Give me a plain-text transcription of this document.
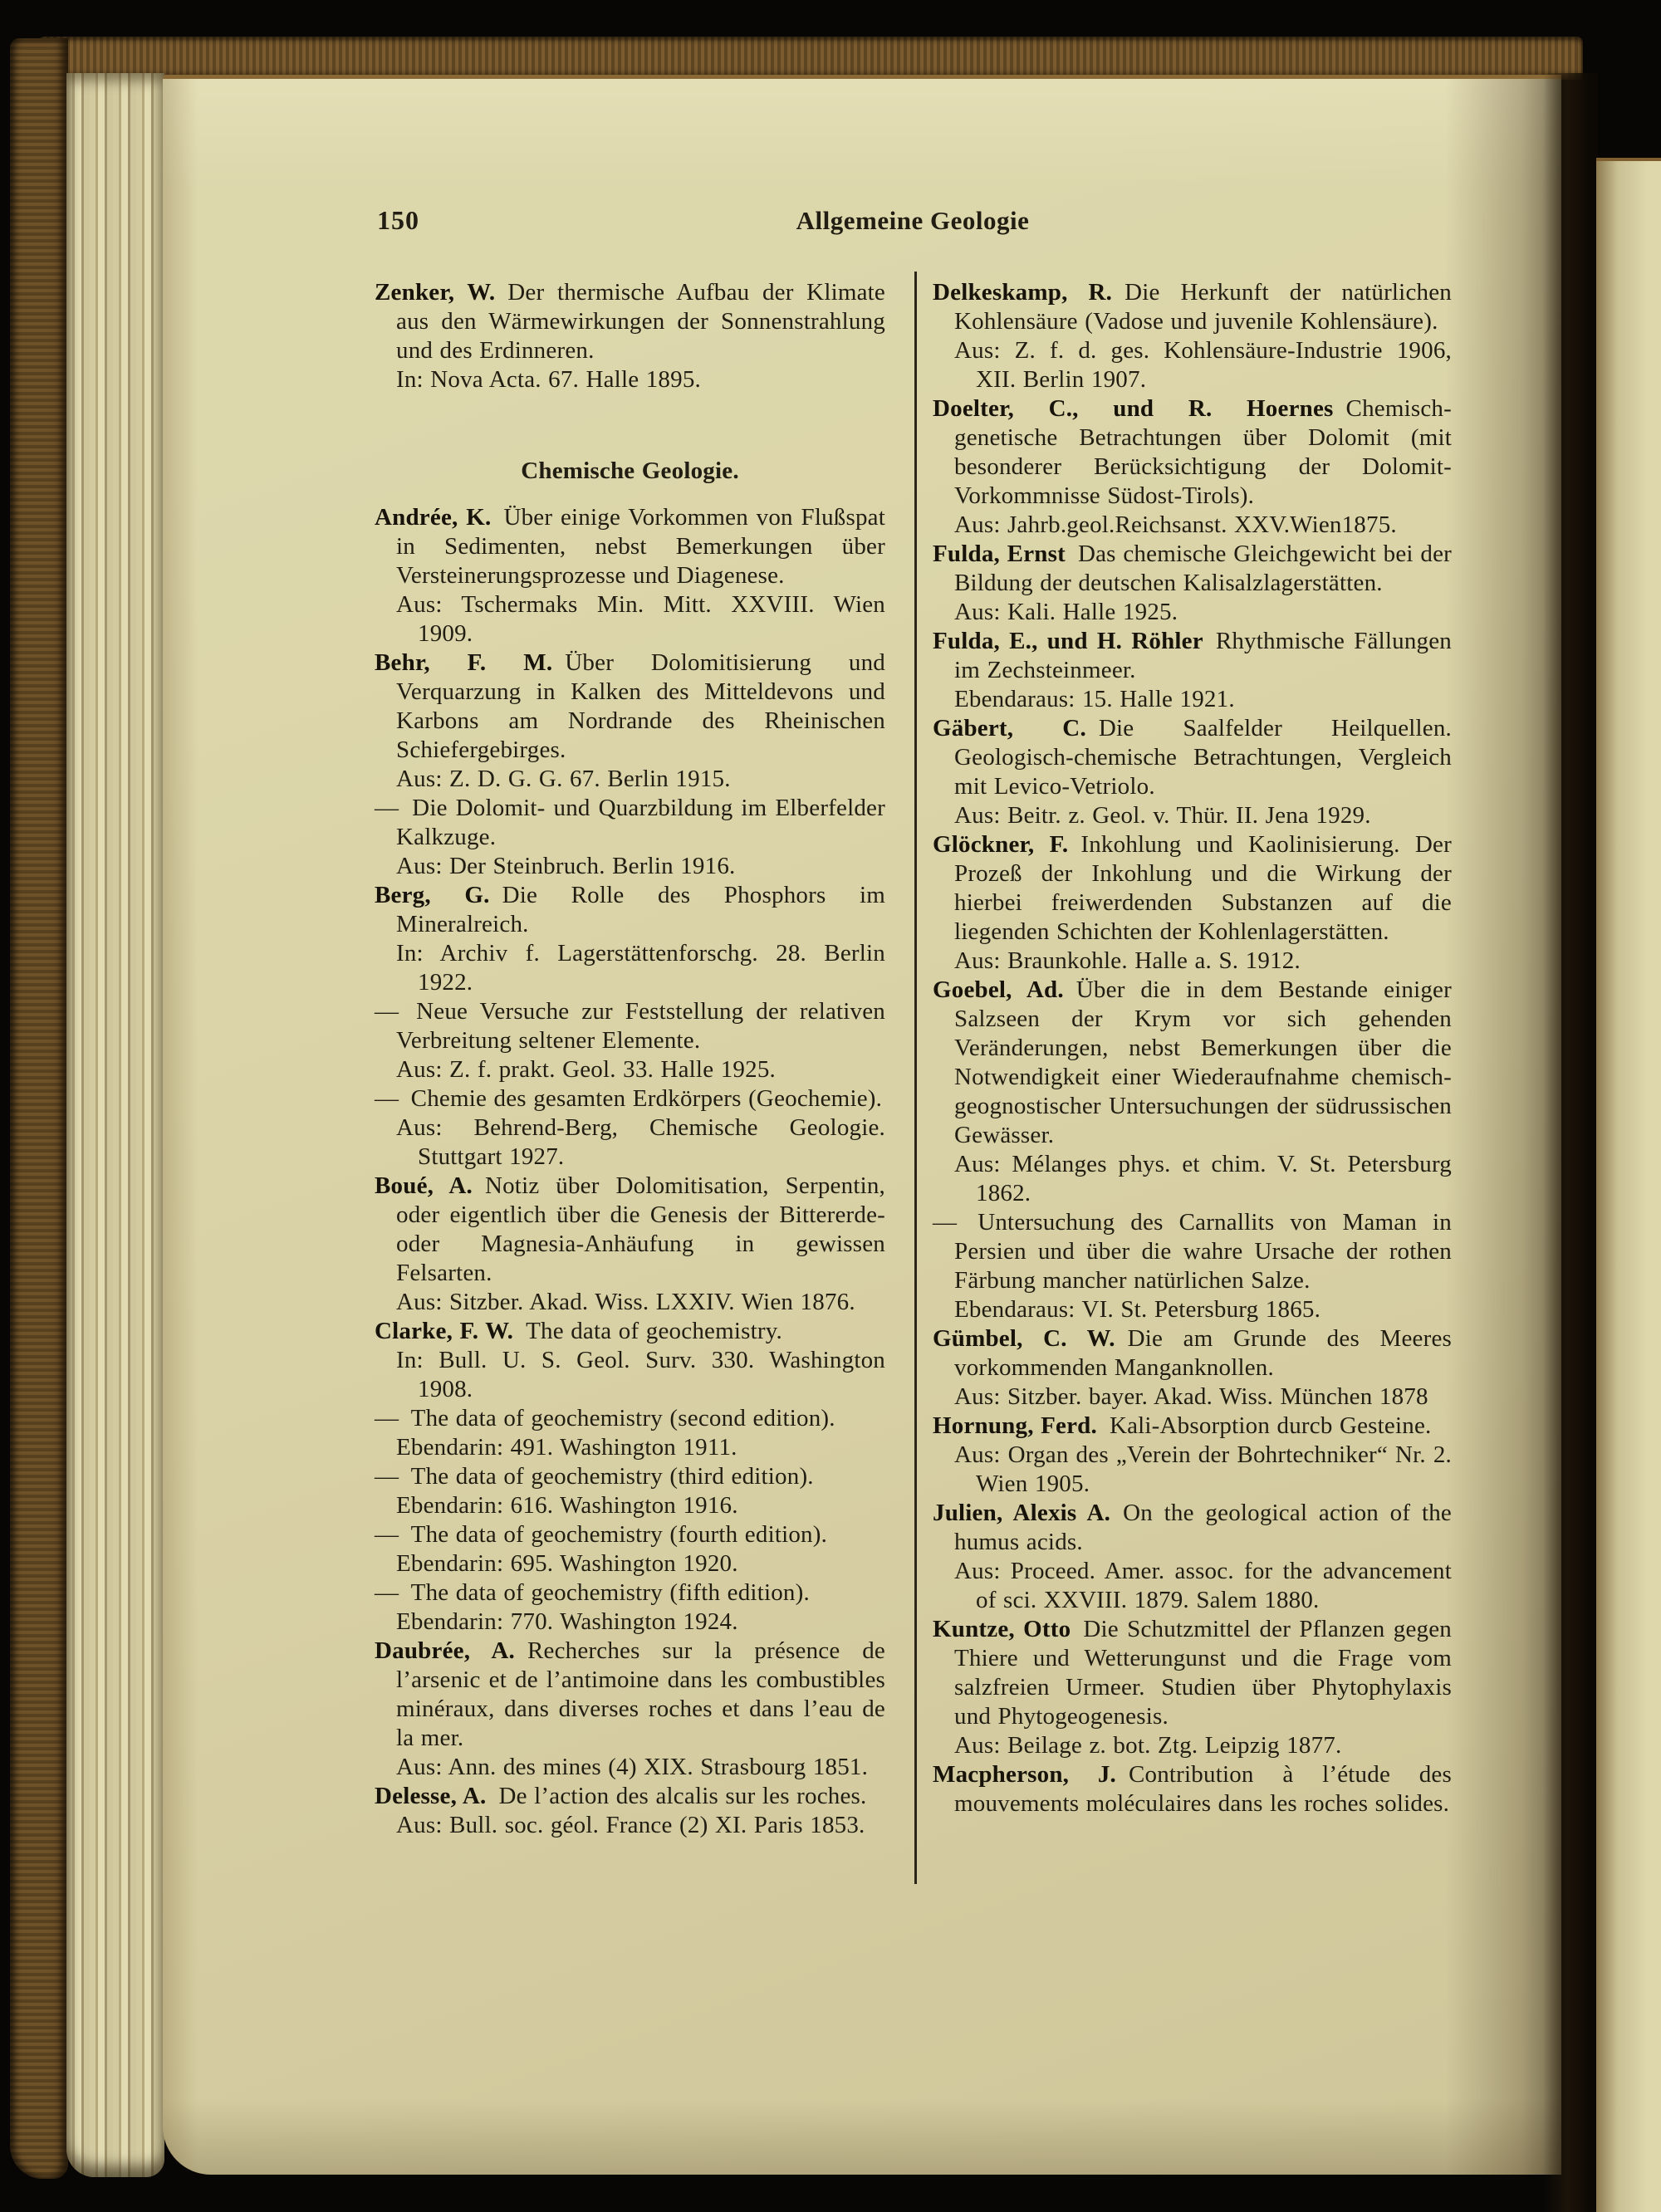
150	Allgemeine Geologie

Zenker, W. Der thermische Aufbau der Klimate aus den Wärmewirkungen der Sonnenstrahlung und des Erdinneren.

In: Nova Acta. 67. Halle 1895.

Chemische Geologie.

Andrée, K. Über einige Vorkommen von Flußspat in Sedimenten, nebst Bemerkungen über Versteinerungsprozesse und Diagenese.

Aus: Tschermaks Min. Mitt. XXVIII. Wien 1909.

Behr, F. M. Über Dolomitisierung und Verquarzung in Kalken des Mitteldevons und Karbons am Nordrande des Rheinischen Schiefergebirges.

Aus: Z. D. G. G. 67. Berlin 1915.

— Die Dolomit- und Quarzbildung im Elberfelder Kalkzuge.

Aus: Der Steinbruch. Berlin 1916.

Berg, G. Die Rolle des Phosphors im Mineralreich.

In: Archiv f. Lagerstättenforschg. 28. Berlin 1922.

— Neue Versuche zur Feststellung der relativen Verbreitung seltener Elemente.

Aus: Z. f. prakt. Geol. 33. Halle 1925.

— Chemie des gesamten Erdkörpers (Geochemie).

Aus: Behrend-Berg, Chemische Geologie. Stuttgart 1927.

Boué, A. Notiz über Dolomitisation, Serpentin, oder eigentlich über die Genesis der Bittererde- oder Magnesia-Anhäufung in gewissen Felsarten.

Aus: Sitzber. Akad. Wiss. LXXIV. Wien 1876.

Clarke, F. W. The data of geochemistry.

In: Bull. U. S. Geol. Surv. 330. Washington 1908.

— The data of geochemistry (second edition).

Ebendarin: 491. Washington 1911.

— The data of geochemistry (third edition).

Ebendarin: 616. Washington 1916.

— The data of geochemistry (fourth edition).

Ebendarin: 695. Washington 1920.

— The data of geochemistry (fifth edition).

Ebendarin: 770. Washington 1924.

Daubrée, A. Recherches sur la présence de l’arsenic et de l’antimoine dans les combustibles minéraux, dans diverses roches et dans l’eau de la mer.

Aus: Ann. des mines (4) XIX. Strasbourg 1851.

Delesse, A. De l’action des alcalis sur les roches.

Aus: Bull. soc. géol. France (2) XI. Paris 1853.

Delkeskamp, R. Die Herkunft der natürlichen Kohlensäure (Vadose und juvenile Kohlensäure).

Aus: Z. f. d. ges. Kohlensäure-Industrie 1906, XII. Berlin 1907.

Doelter, C., und R. Hoernes Chemisch- genetische Betrachtungen über Dolomit (mit besonderer Berücksichtigung der Dolomit-Vorkommnisse Südost-Tirols).

Aus: Jahrb.geol.Reichsanst. XXV.Wien1875.

Fulda, Ernst Das chemische Gleichgewicht bei der Bildung der deutschen Kalisalzlagerstätten.

Aus: Kali. Halle 1925.

Fulda, E., und H. Röhler Rhythmische Fällungen im Zechsteinmeer.

Ebendaraus: 15. Halle 1921.

Gäbert, C. Die Saalfelder Heilquellen. Geologisch-chemische Betrachtungen, Vergleich mit Levico-Vetriolo.

Aus: Beitr. z. Geol. v. Thür. II. Jena 1929.

Glöckner, F. Inkohlung und Kaolinisierung. Der Prozeß der Inkohlung und die Wirkung der hierbei freiwerdenden Substanzen auf die liegenden Schichten der Kohlenlagerstätten.

Aus: Braunkohle. Halle a. S. 1912.

Goebel, Ad. Über die in dem Bestande einiger Salzseen der Krym vor sich gehenden Veränderungen, nebst Bemerkungen über die Notwendigkeit einer Wiederaufnahme chemisch-geognostischer Untersuchungen der südrussischen Gewässer.

Aus: Mélanges phys. et chim. V. St. Petersburg 1862.

— Untersuchung des Carnallits von Maman in Persien und über die wahre Ursache der rothen Färbung mancher natürlichen Salze.

Ebendaraus: VI. St. Petersburg 1865.

Gümbel, C. W. Die am Grunde des Meeres vorkommenden Manganknollen.

Aus: Sitzber. bayer. Akad. Wiss. München 1878

Hornung, Ferd. Kali-Absorption durcb Gesteine.

Aus: Organ des „Verein der Bohrtechniker“ Nr. 2. Wien 1905.

Julien, Alexis A. On the geological action of the humus acids.

Aus: Proceed. Amer. assoc. for the advancement of sci. XXVIII. 1879. Salem 1880.

Kuntze, Otto Die Schutzmittel der Pflanzen gegen Thiere und Wetterungunst und die Frage vom salzfreien Urmeer. Studien über Phytophylaxis und Phytogeogenesis.

Aus: Beilage z. bot. Ztg. Leipzig 1877.

Macpherson, J. Contribution à l’étude des mouvements moléculaires dans les roches solides.
